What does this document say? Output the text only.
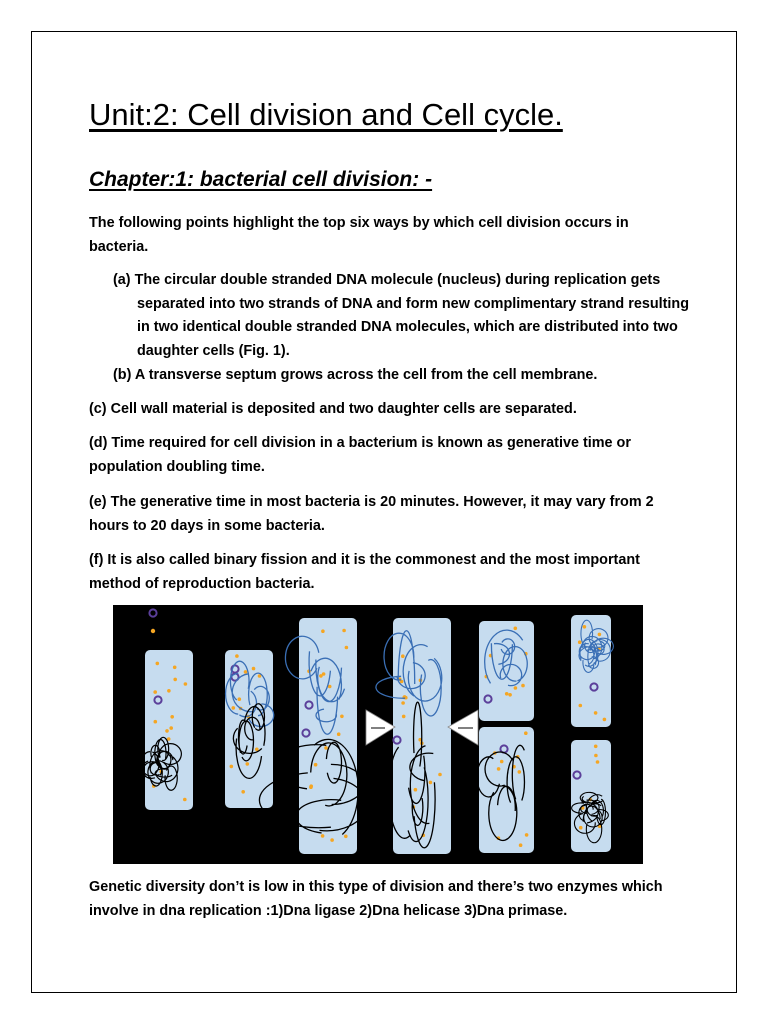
Unit:2: Cell division and Cell cycle.
Chapter:1: bacterial cell division: -

The following points highlight the top six ways by which cell division occurs in bacteria.

(a) The circular double stranded DNA molecule (nucleus) during replication gets separated into two strands of DNA and form new complimentary strand resulting in two identical double stranded DNA molecules, which are distributed into two daughter cells (Fig. 1).

(b) A transverse septum grows across the cell from the cell membrane.

(c) Cell wall material is deposited and two daughter cells are separated.

(d) Time required for cell division in a bacterium is known as generative time or population doubling time.

(e) The generative time in most bacteria is 20 minutes. However, it may vary from 2 hours to 20 days in some bacteria.

(f) It is also called binary fission and it is the commonest and the most important method of reproduction bacteria.

Genetic diversity don’t is low in this type of division and there’s two enzymes which involve in dna replication :1)Dna ligase 2)Dna helicase 3)Dna primase.
